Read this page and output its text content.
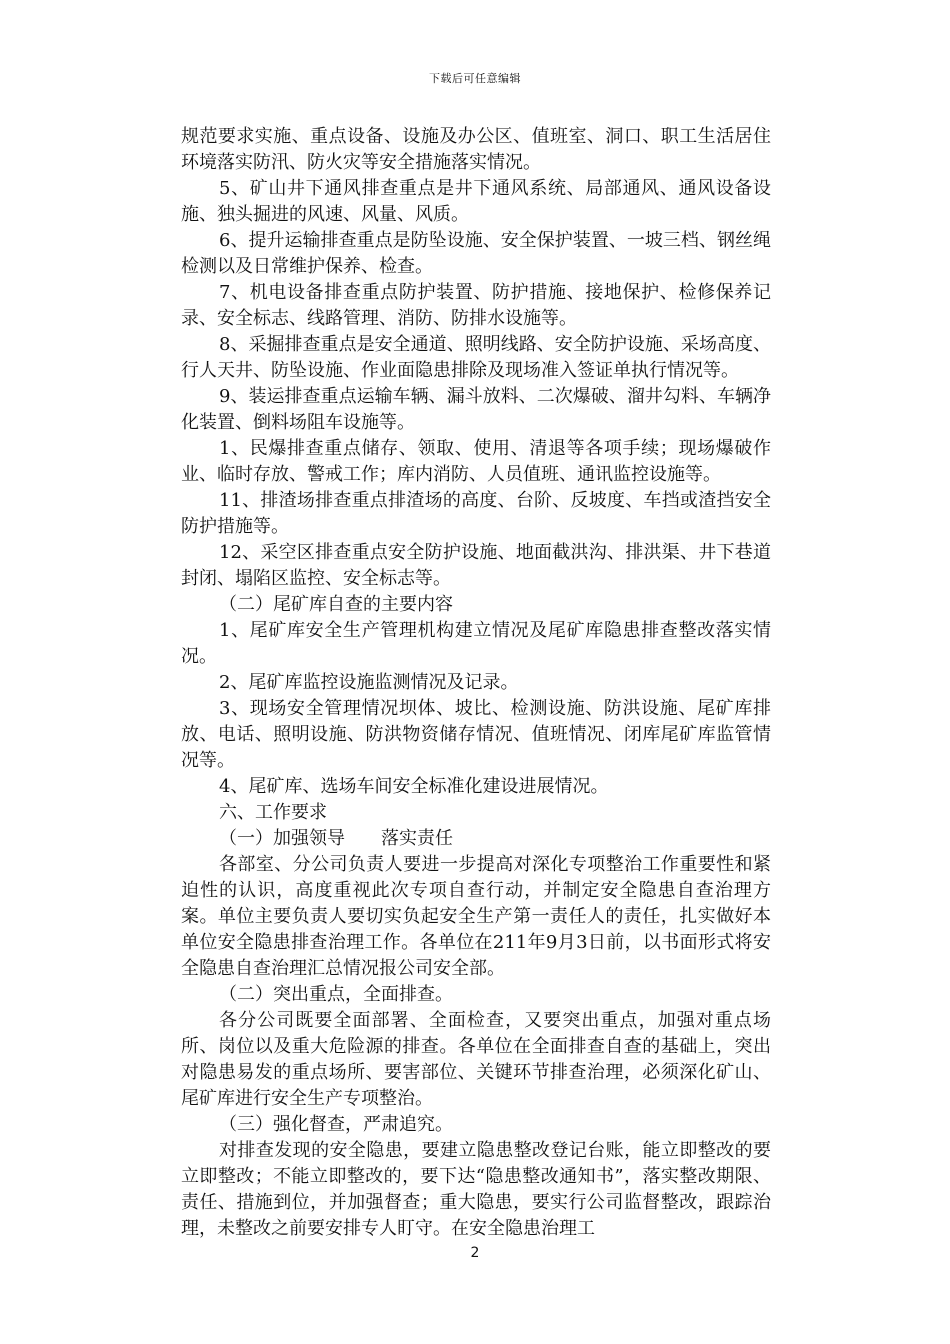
下载后可任意编辑

规范要求实施、重点设备、设施及办公区、值班室、洞口、职工生活居住环境落实防汛、防火灾等安全措施落实情况。

5、矿山井下通风排查重点是井下通风系统、局部通风、通风设备设施、独头掘进的风速、风量、风质。

6、提升运输排查重点是防坠设施、安全保护装置、一坡三档、钢丝绳检测以及日常维护保养、检查。

7、机电设备排查重点防护装置、防护措施、接地保护、检修保养记录、安全标志、线路管理、消防、防排水设施等。

8、采掘排查重点是安全通道、照明线路、安全防护设施、采场高度、行人天井、防坠设施、作业面隐患排除及现场准入签证单执行情况等。

9、装运排查重点运输车辆、漏斗放料、二次爆破、溜井勾料、车辆净化装置、倒料场阻车设施等。

1、民爆排查重点储存、领取、使用、清退等各项手续；现场爆破作业、临时存放、警戒工作；库内消防、人员值班、通讯监控设施等。

11、排渣场排查重点排渣场的高度、台阶、反坡度、车挡或渣挡安全防护措施等。

12、采空区排查重点安全防护设施、地面截洪沟、排洪渠、井下巷道封闭、塌陷区监控、安全标志等。

（二）尾矿库自查的主要内容

1、尾矿库安全生产管理机构建立情况及尾矿库隐患排查整改落实情况。

2、尾矿库监控设施监测情况及记录。

3、现场安全管理情况坝体、坡比、检测设施、防洪设施、尾矿库排放、电话、照明设施、防洪物资储存情况、值班情况、闭库尾矿库监管情况等。

4、尾矿库、选场车间安全标准化建设进展情况。

六、工作要求

（一）加强领导　　落实责任

各部室、分公司负责人要进一步提高对深化专项整治工作重要性和紧迫性的认识，高度重视此次专项自查行动，并制定安全隐患自查治理方案。单位主要负责人要切实负起安全生产第一责任人的责任，扎实做好本单位安全隐患排查治理工作。各单位在211年9月3日前，以书面形式将安全隐患自查治理汇总情况报公司安全部。

（二）突出重点，全面排查。

各分公司既要全面部署、全面检查，又要突出重点，加强对重点场所、岗位以及重大危险源的排查。各单位在全面排查自查的基础上，突出对隐患易发的重点场所、要害部位、关键环节排查治理，必须深化矿山、尾矿库进行安全生产专项整治。

（三）强化督查，严肃追究。

对排查发现的安全隐患，要建立隐患整改登记台账，能立即整改的要立即整改；不能立即整改的，要下达“隐患整改通知书”，落实整改期限、责任、措施到位，并加强督查；重大隐患，要实行公司监督整改，跟踪治理，未整改之前要安排专人盯守。在安全隐患治理工

2
